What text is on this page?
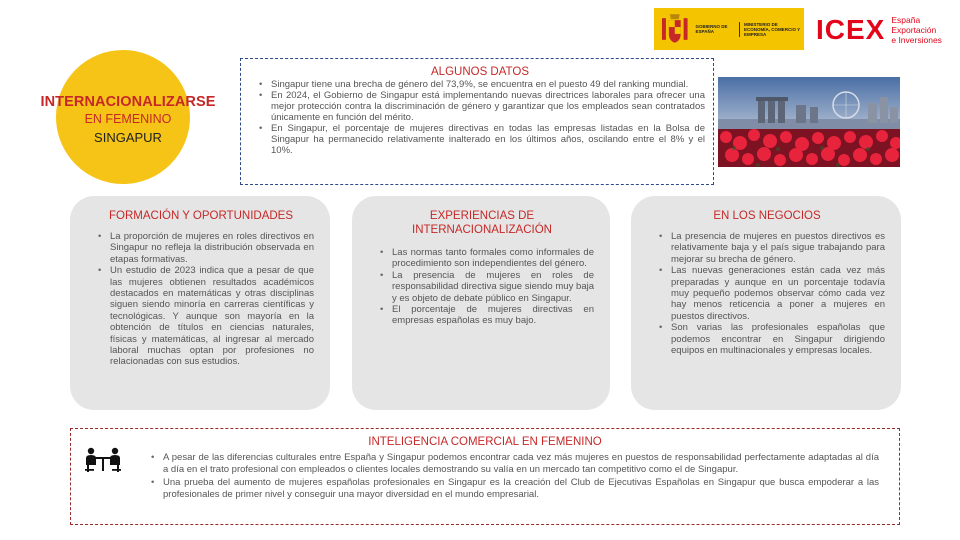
INTERNACIONALIZARSE
EN FEMENINO
SINGAPUR
GOBIERNO DE ESPAÑA
MINISTERIO DE ECONOMÍA, COMERCIO Y EMPRESA	ICEX España
Exportación
e Inversiones
ALGUNOS DATOS
• Singapur tiene una brecha de género del 73,9%, se encuentra en el puesto 49 del ranking mundial.
• En 2024, el Gobierno de Singapur está implementando nuevas directrices laborales para ofrecer una mejor protección contra la discriminación de género y garantizar que los empleados sean contratados únicamente en función del mérito.
• En Singapur, el porcentaje de mujeres directivas en todas las empresas listadas en la Bolsa de Singapur ha permanecido relativamente inalterado en los últimos años, oscilando entre el 8% y el 10%.
FORMACIÓN Y OPORTUNIDADES
• La proporción de mujeres en roles directivos en Singapur no refleja la distribución observada en etapas formativas.
• Un estudio de 2023 indica que a pesar de que las mujeres obtienen resultados académicos destacados en matemáticas y otras disciplinas siguen siendo minoría en carreras científicas y tecnológicas. Y aunque son mayoría en la obtención de títulos en ciencias naturales, físicas y matemáticas, al ingresar al mercado laboral muchas optan por profesiones no relacionadas con sus estudios.
EXPERIENCIAS DE
INTERNACIONALIZACIÓN
• Las normas tanto formales como informales de procedimiento son independientes del género.
• La presencia de mujeres en roles de responsabilidad directiva sigue siendo muy baja y es objeto de debate público en Singapur.
• El porcentaje de mujeres directivas en empresas españolas es muy bajo.
EN LOS NEGOCIOS
• La presencia de mujeres en puestos directivos es relativamente baja y el país sigue trabajando para mejorar su brecha de género.
• Las nuevas generaciones están cada vez más preparadas y aunque en un porcentaje todavía muy pequeño podemos observar cómo cada vez hay menos reticencia a poner a mujeres en puestos directivos.
• Son varias las profesionales españolas que podemos encontrar en Singapur dirigiendo equipos en multinacionales y empresas locales.
INTELIGENCIA COMERCIAL EN FEMENINO
• A pesar de las diferencias culturales entre España y Singapur podemos encontrar cada vez más mujeres en puestos de responsabilidad perfectamente adaptadas al día a día en el trato profesional con empleados o clientes locales demostrando su valía en un mercado tan competitivo como el de Singapur.
• Una prueba del aumento de mujeres españolas profesionales en Singapur es la creación del Club de Ejecutivas Españolas en Singapur que busca empoderar a las profesionales de primer nivel y conseguir una mayor diversidad en el mundo empresarial.
